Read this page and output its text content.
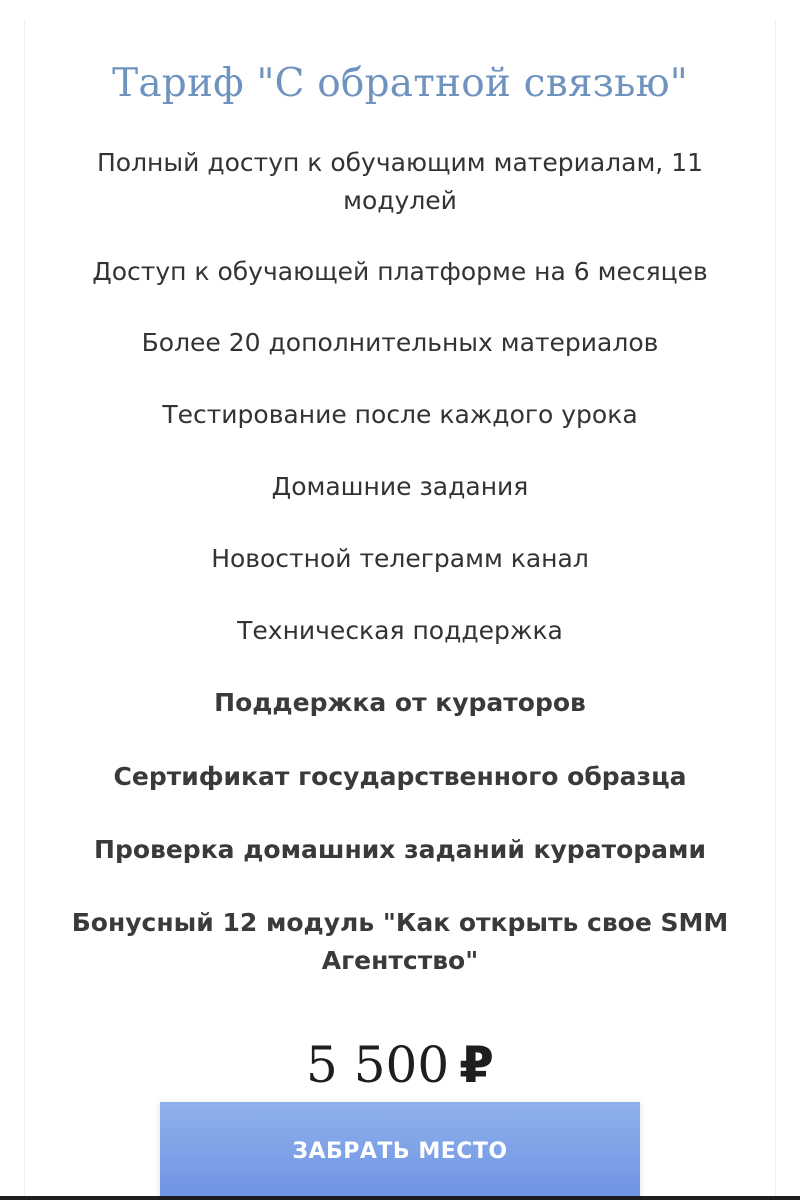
Тариф "С обратной связью"
Полный доступ к обучающим материалам, 11
модулей
Доступ к обучающей платформе на 6 месяцев
Более 20 дополнительных материалов
Тестирование после каждого урока
Домашние задания
Новостной телеграмм канал
Техническая поддержка
Поддержка от кураторов
Сертификат государственного образца
Проверка домашних заданий кураторами
Бонусный 12 модуль "Как открыть свое SMM
Агентство"
5 500 ₽
ЗАБРАТЬ МЕСТО
